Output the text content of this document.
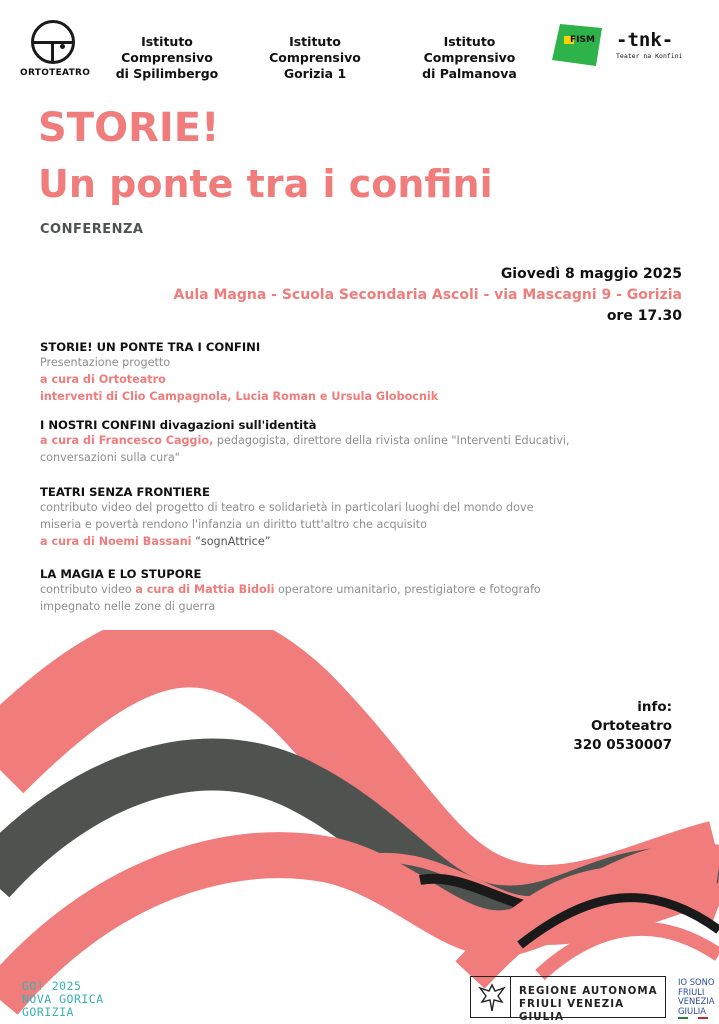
ORTOTEATRO
Istituto Comprensivo
di Spilimbergo
Istituto Comprensivo
Gorizia 1
Istituto Comprensivo
di Palmanova
FISM -tnk-
Teater na Konfini
STORIE!
Un ponte tra i confini
CONFERENZA
Giovedì 8 maggio 2025
Aula Magna - Scuola Secondaria Ascoli - via Mascagni 9 - Gorizia
ore 17.30
STORIE! UN PONTE TRA I CONFINI
Presentazione progetto
a cura di Ortoteatro
interventi di Clio Campagnola, Lucia Roman e Ursula Globocnik
I NOSTRI CONFINI divagazioni sull'identità
a cura di Francesco Caggio, pedagogista, direttore della rivista online "Interventi Educativi,
conversazioni sulla cura"
TEATRI SENZA FRONTIERE
contributo video del progetto di teatro e solidarietà in particolari luoghi del mondo dove
miseria e povertà rendono l'infanzia un diritto tutt'altro che acquisito
a cura di Noemi Bassani “sognAttrice”
LA MAGIA E LO STUPORE
contributo video a cura di Mattia Bidoli operatore umanitario, prestigiatore e fotografo
impegnato nelle zone di guerra
info:
Ortoteatro
320 0530007
GO! 2025
NOVA GORICA
GORIZIA
REGIONE AUTONOMA
FRIULI VENEZIA GIULIA
IO SONO
FRIULI
VENEZIA
GIULIA
